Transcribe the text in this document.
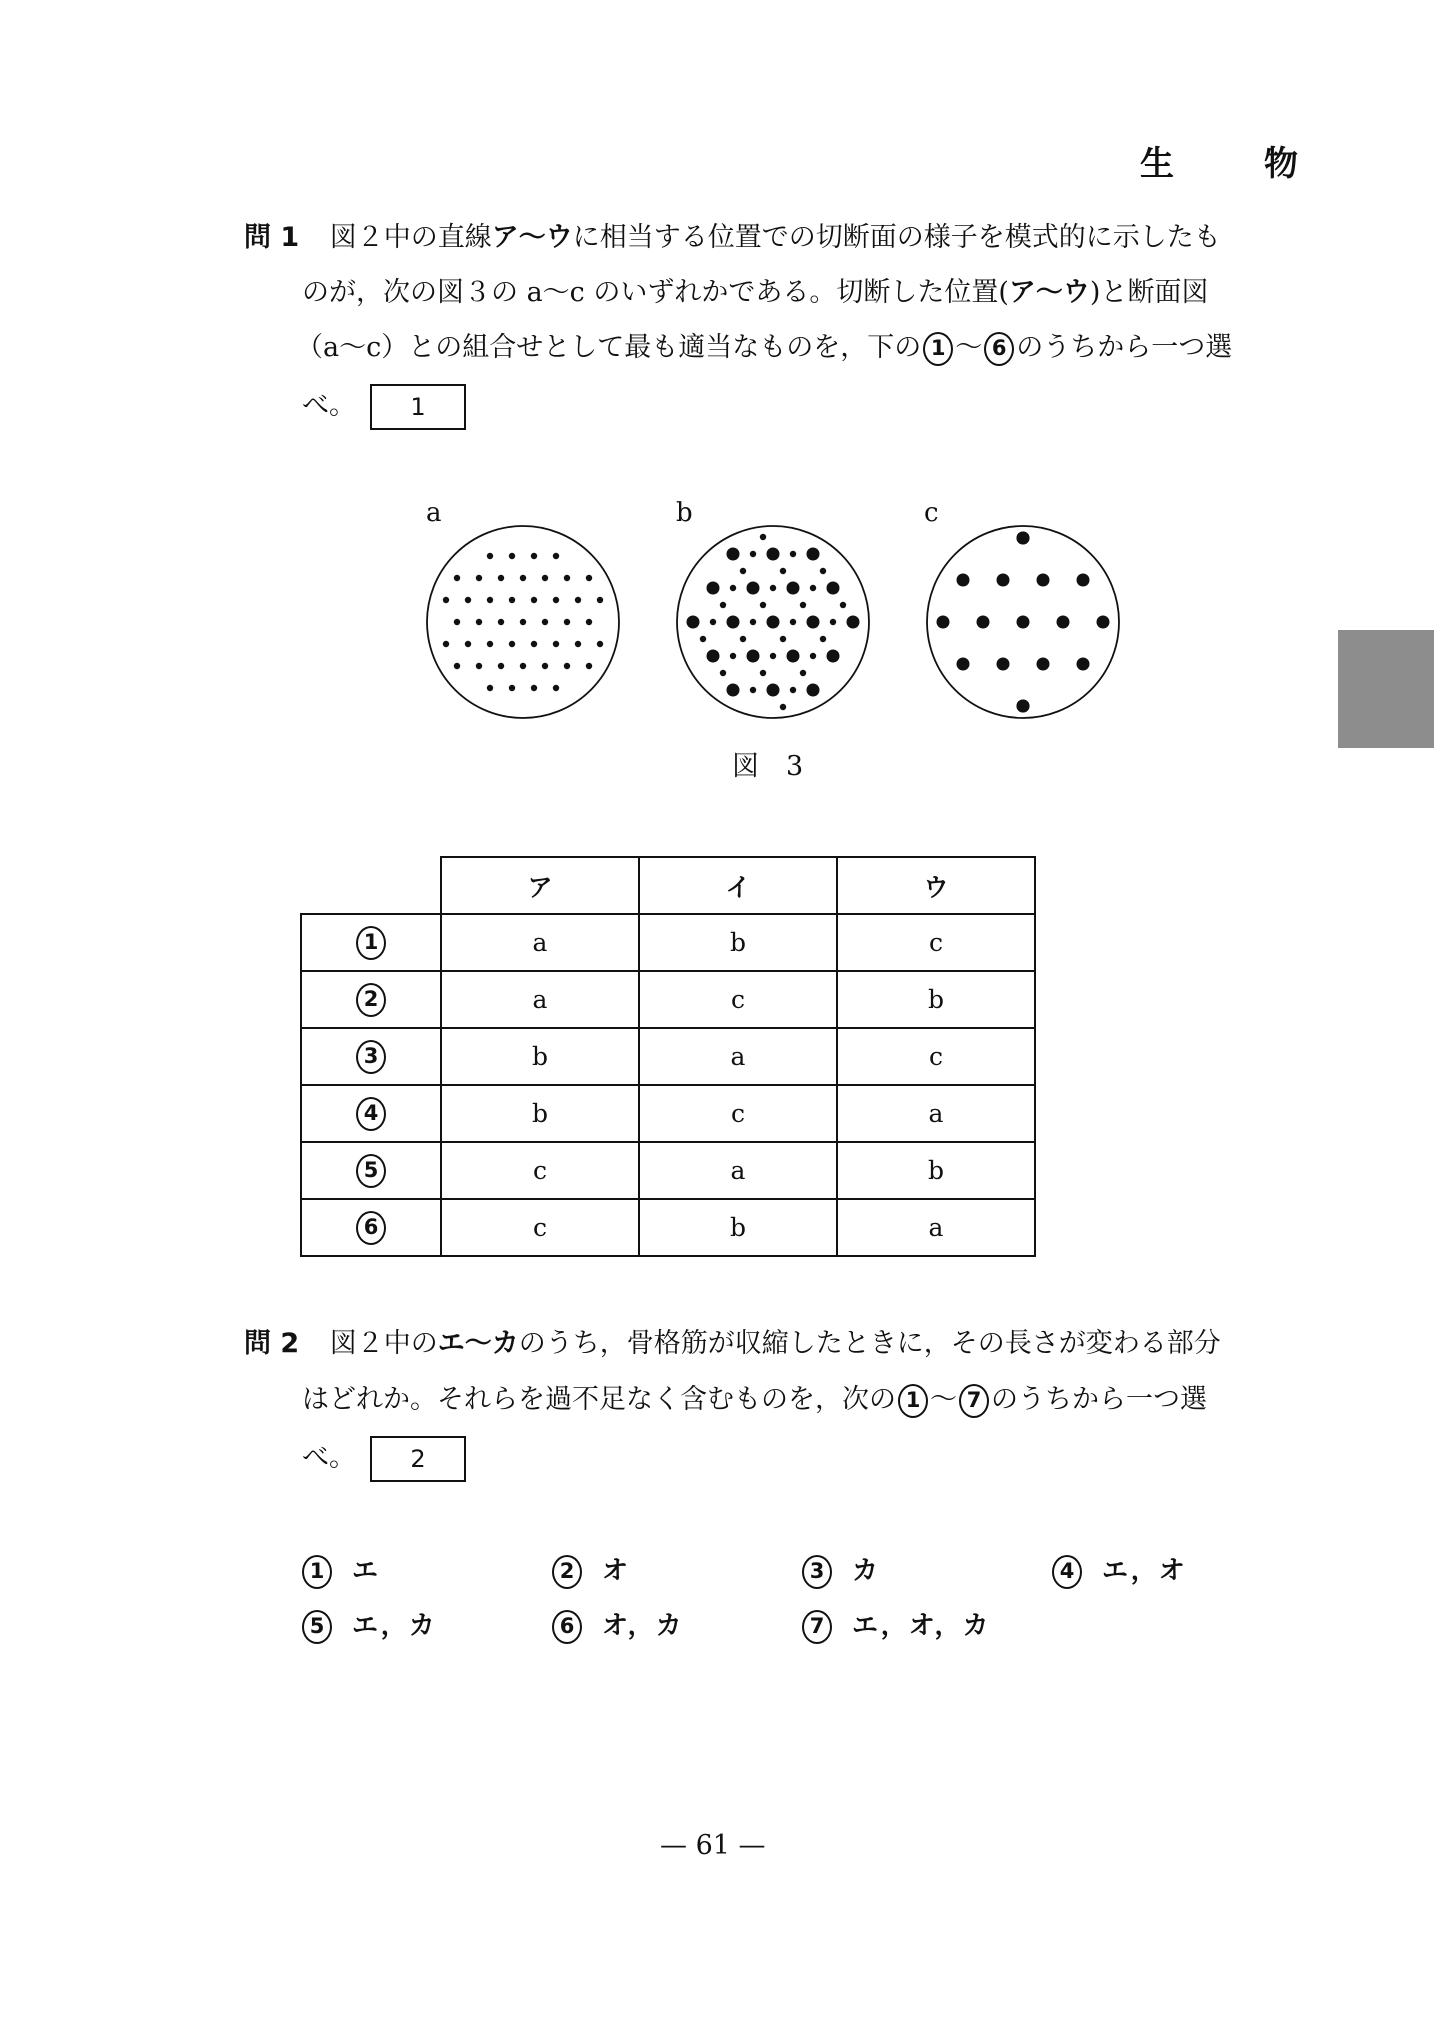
生　物
問 1 図２中の直線ア～ウに相当する位置での切断面の様子を模式的に示したも
のが，次の図３の a～c のいずれかである。切断した位置(ア～ウ)と断面図
（a～c）との組合せとして最も適当なものを，下の 1 ～ 6 のうちから一つ選
べ。 1
a	b	c
図　3
	ア	イ	ウ
1	a	b	c
2	a	c	b
3	b	a	c
4	b	c	a
5	c	a	b
6	c	b	a
問 2 図２中のエ～カのうち，骨格筋が収縮したときに，その長さが変わる部分
はどれか。それらを過不足なく含むものを，次の 1 ～ 7 のうちから一つ選
べ。 2
1 エ	2 オ	3 カ	4 エ，オ
5 エ，カ	6 オ，カ	7 エ，オ，カ
— 61 —
